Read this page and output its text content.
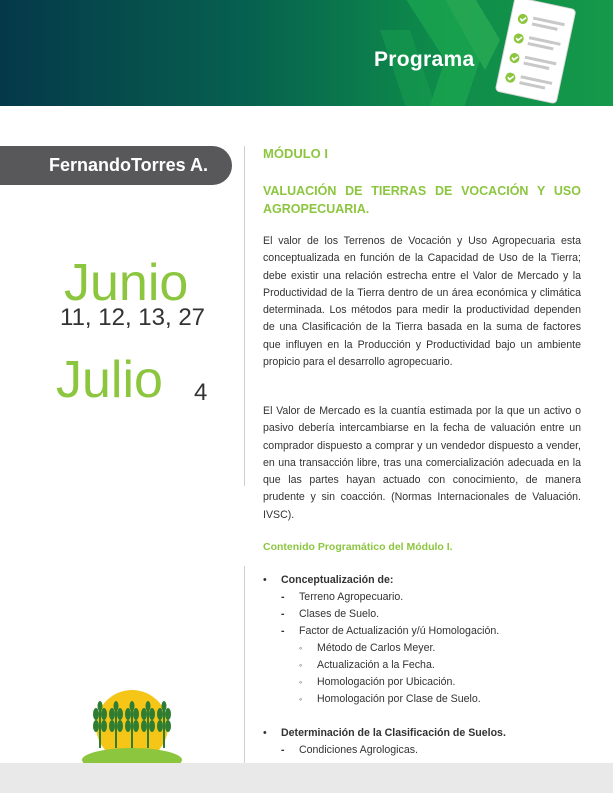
Programa
FernandoTorres A.
Junio
11, 12, 13, 27
Julio 4

MÓDULO I

VALUACIÓN DE TIERRAS DE VOCACIÓN Y USO AGROPECUARIA.

El valor de los Terrenos de Vocación y Uso Agropecuaria esta conceptualizada en función de la Capacidad de Uso de la Tierra; debe existir una relación estrecha entre el Valor de Mercado y la Productividad de la Tierra dentro de un área económica y climática determinada. Los métodos para medir la productividad dependen de una Clasificación de la Tierra basada en la suma de factores que influyen en la Producción y Productividad bajo un ambiente propicio para el desarrollo agropecuario.

El Valor de Mercado es la cuantía estimada por la que un activo o pasivo debería intercambiarse en la fecha de valuación entre un comprador dispuesto a comprar y un vendedor dispuesto a vender, en una transacción libre, tras una comercialización adecuada en la que las partes hayan actuado con conocimiento, de manera prudente y sin coacción. (Normas Internacionales de Valuación. IVSC).

Contenido Programático del Módulo I.

• Conceptualización de:
- Terreno Agropecuario.
- Clases de Suelo.
- Factor de Actualización y/ú Homologación.
◦ Método de Carlos Meyer.
◦ Actualización a la Fecha.
◦ Homologación por Ubicación.
◦ Homologación por Clase de Suelo.
• Determinación de la Clasificación de Suelos.
- Condiciones Agrologicas.
